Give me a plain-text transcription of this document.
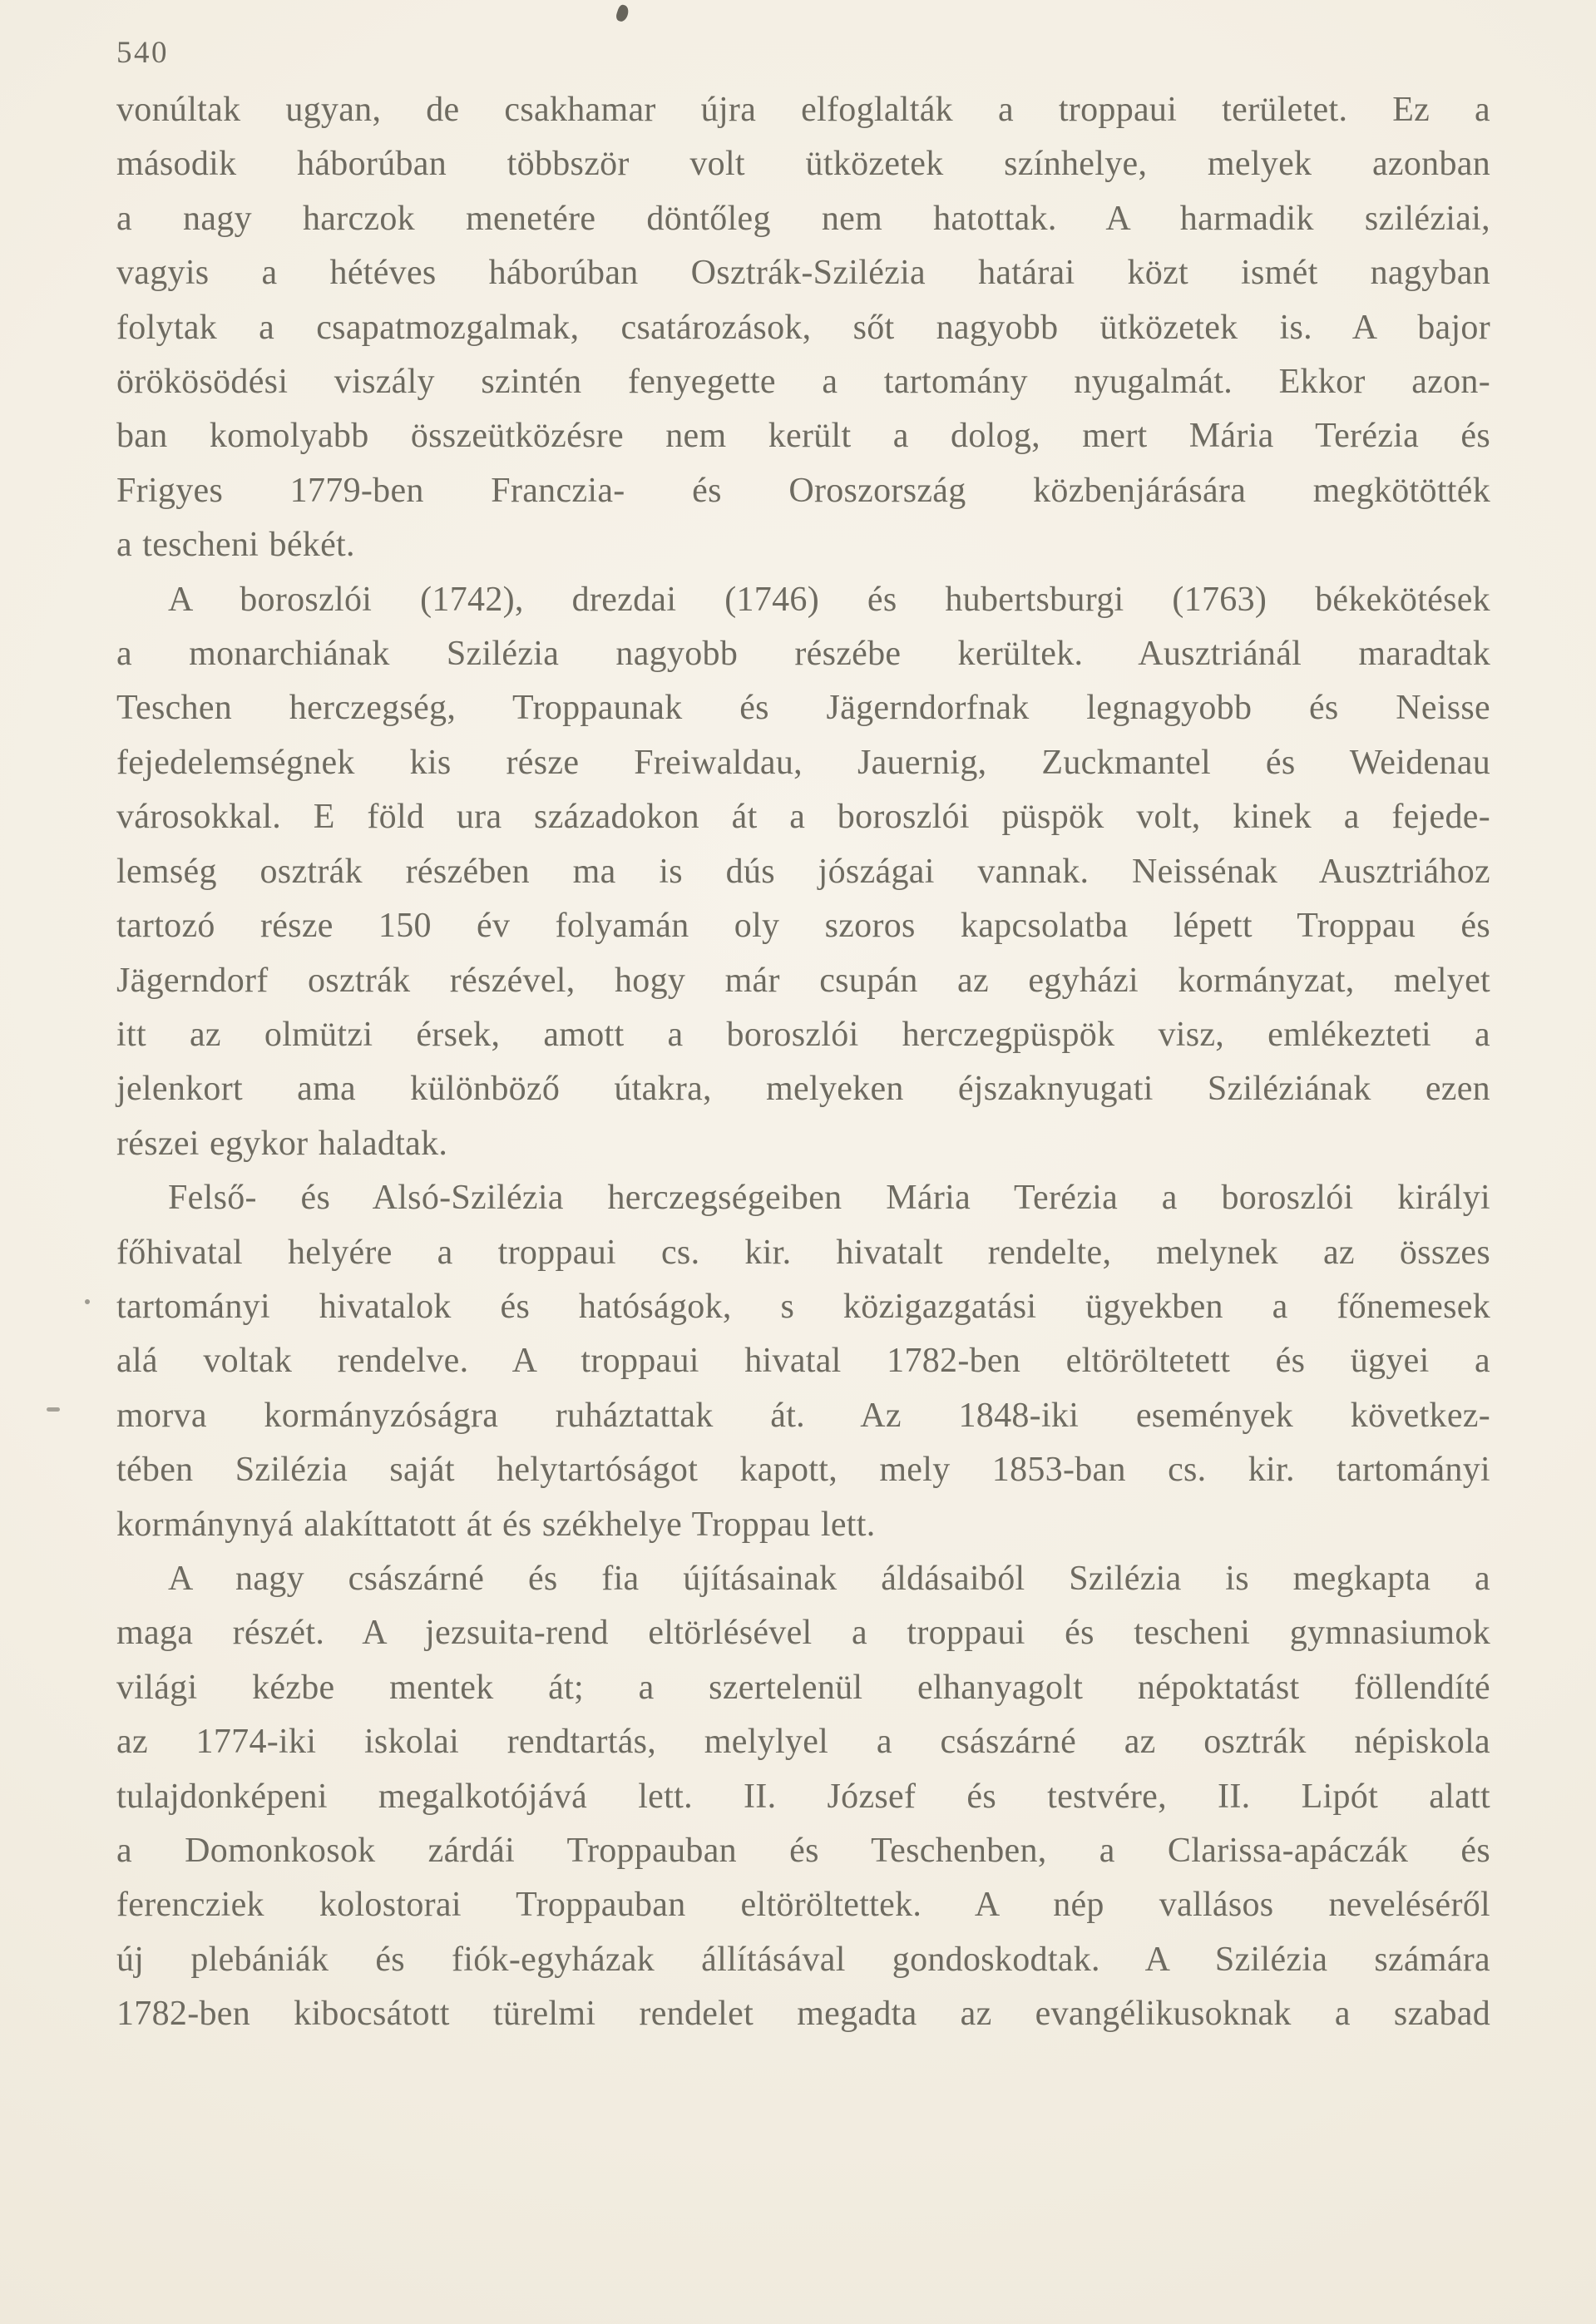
540
vonúltak ugyan, de csakhamar újra elfoglalták a troppaui területet. Ez a
második háborúban többször volt ütközetek színhelye, melyek azonban
a nagy harczok menetére döntőleg nem hatottak. A harmadik sziléziai,
vagyis a hétéves háborúban Osztrák-Szilézia határai közt ismét nagyban
folytak a csapatmozgalmak, csatározások, sőt nagyobb ütközetek is. A bajor
örökösödési viszály szintén fenyegette a tartomány nyugalmát. Ekkor azon-
ban komolyabb összeütközésre nem került a dolog, mert Mária Terézia és
Frigyes 1779-ben Franczia- és Oroszország közbenjárására megkötötték
a tescheni békét.
A boroszlói (1742), drezdai (1746) és hubertsburgi (1763) békekötések
a monarchiának Szilézia nagyobb részébe kerültek. Ausztriánál maradtak
Teschen herczegség, Troppaunak és Jägerndorfnak legnagyobb és Neisse
fejedelemségnek kis része Freiwaldau, Jauernig, Zuckmantel és Weidenau
városokkal. E föld ura századokon át a boroszlói püspök volt, kinek a fejede-
lemség osztrák részében ma is dús jószágai vannak. Neissénak Ausztriához
tartozó része 150 év folyamán oly szoros kapcsolatba lépett Troppau és
Jägerndorf osztrák részével, hogy már csupán az egyházi kormányzat, melyet
itt az olmützi érsek, amott a boroszlói herczegpüspök visz, emlékezteti a
jelenkort ama különböző útakra, melyeken éjszaknyugati Sziléziának ezen
részei egykor haladtak.
Felső- és Alsó-Szilézia herczegségeiben Mária Terézia a boroszlói királyi
főhivatal helyére a troppaui cs. kir. hivatalt rendelte, melynek az összes
tartományi hivatalok és hatóságok, s közigazgatási ügyekben a főnemesek
alá voltak rendelve. A troppaui hivatal 1782-ben eltöröltetett és ügyei a
morva kormányzóságra ruháztattak át. Az 1848-iki események következ-
tében Szilézia saját helytartóságot kapott, mely 1853-ban cs. kir. tartományi
kormánynyá alakíttatott át és székhelye Troppau lett.
A nagy császárné és fia újításainak áldásaiból Szilézia is megkapta a
maga részét. A jezsuita-rend eltörlésével a troppaui és tescheni gymnasiumok
világi kézbe mentek át; a szertelenül elhanyagolt népoktatást föllendíté
az 1774-iki iskolai rendtartás, melylyel a császárné az osztrák népiskola
tulajdonképeni megalkotójává lett. II. József és testvére, II. Lipót alatt
a Domonkosok zárdái Troppauban és Teschenben, a Clarissa-apáczák és
ferencziek kolostorai Troppauban eltöröltettek. A nép vallásos neveléséről
új plebániák és fiók-egyházak állításával gondoskodtak. A Szilézia számára
1782-ben kibocsátott türelmi rendelet megadta az evangélikusoknak a szabad
